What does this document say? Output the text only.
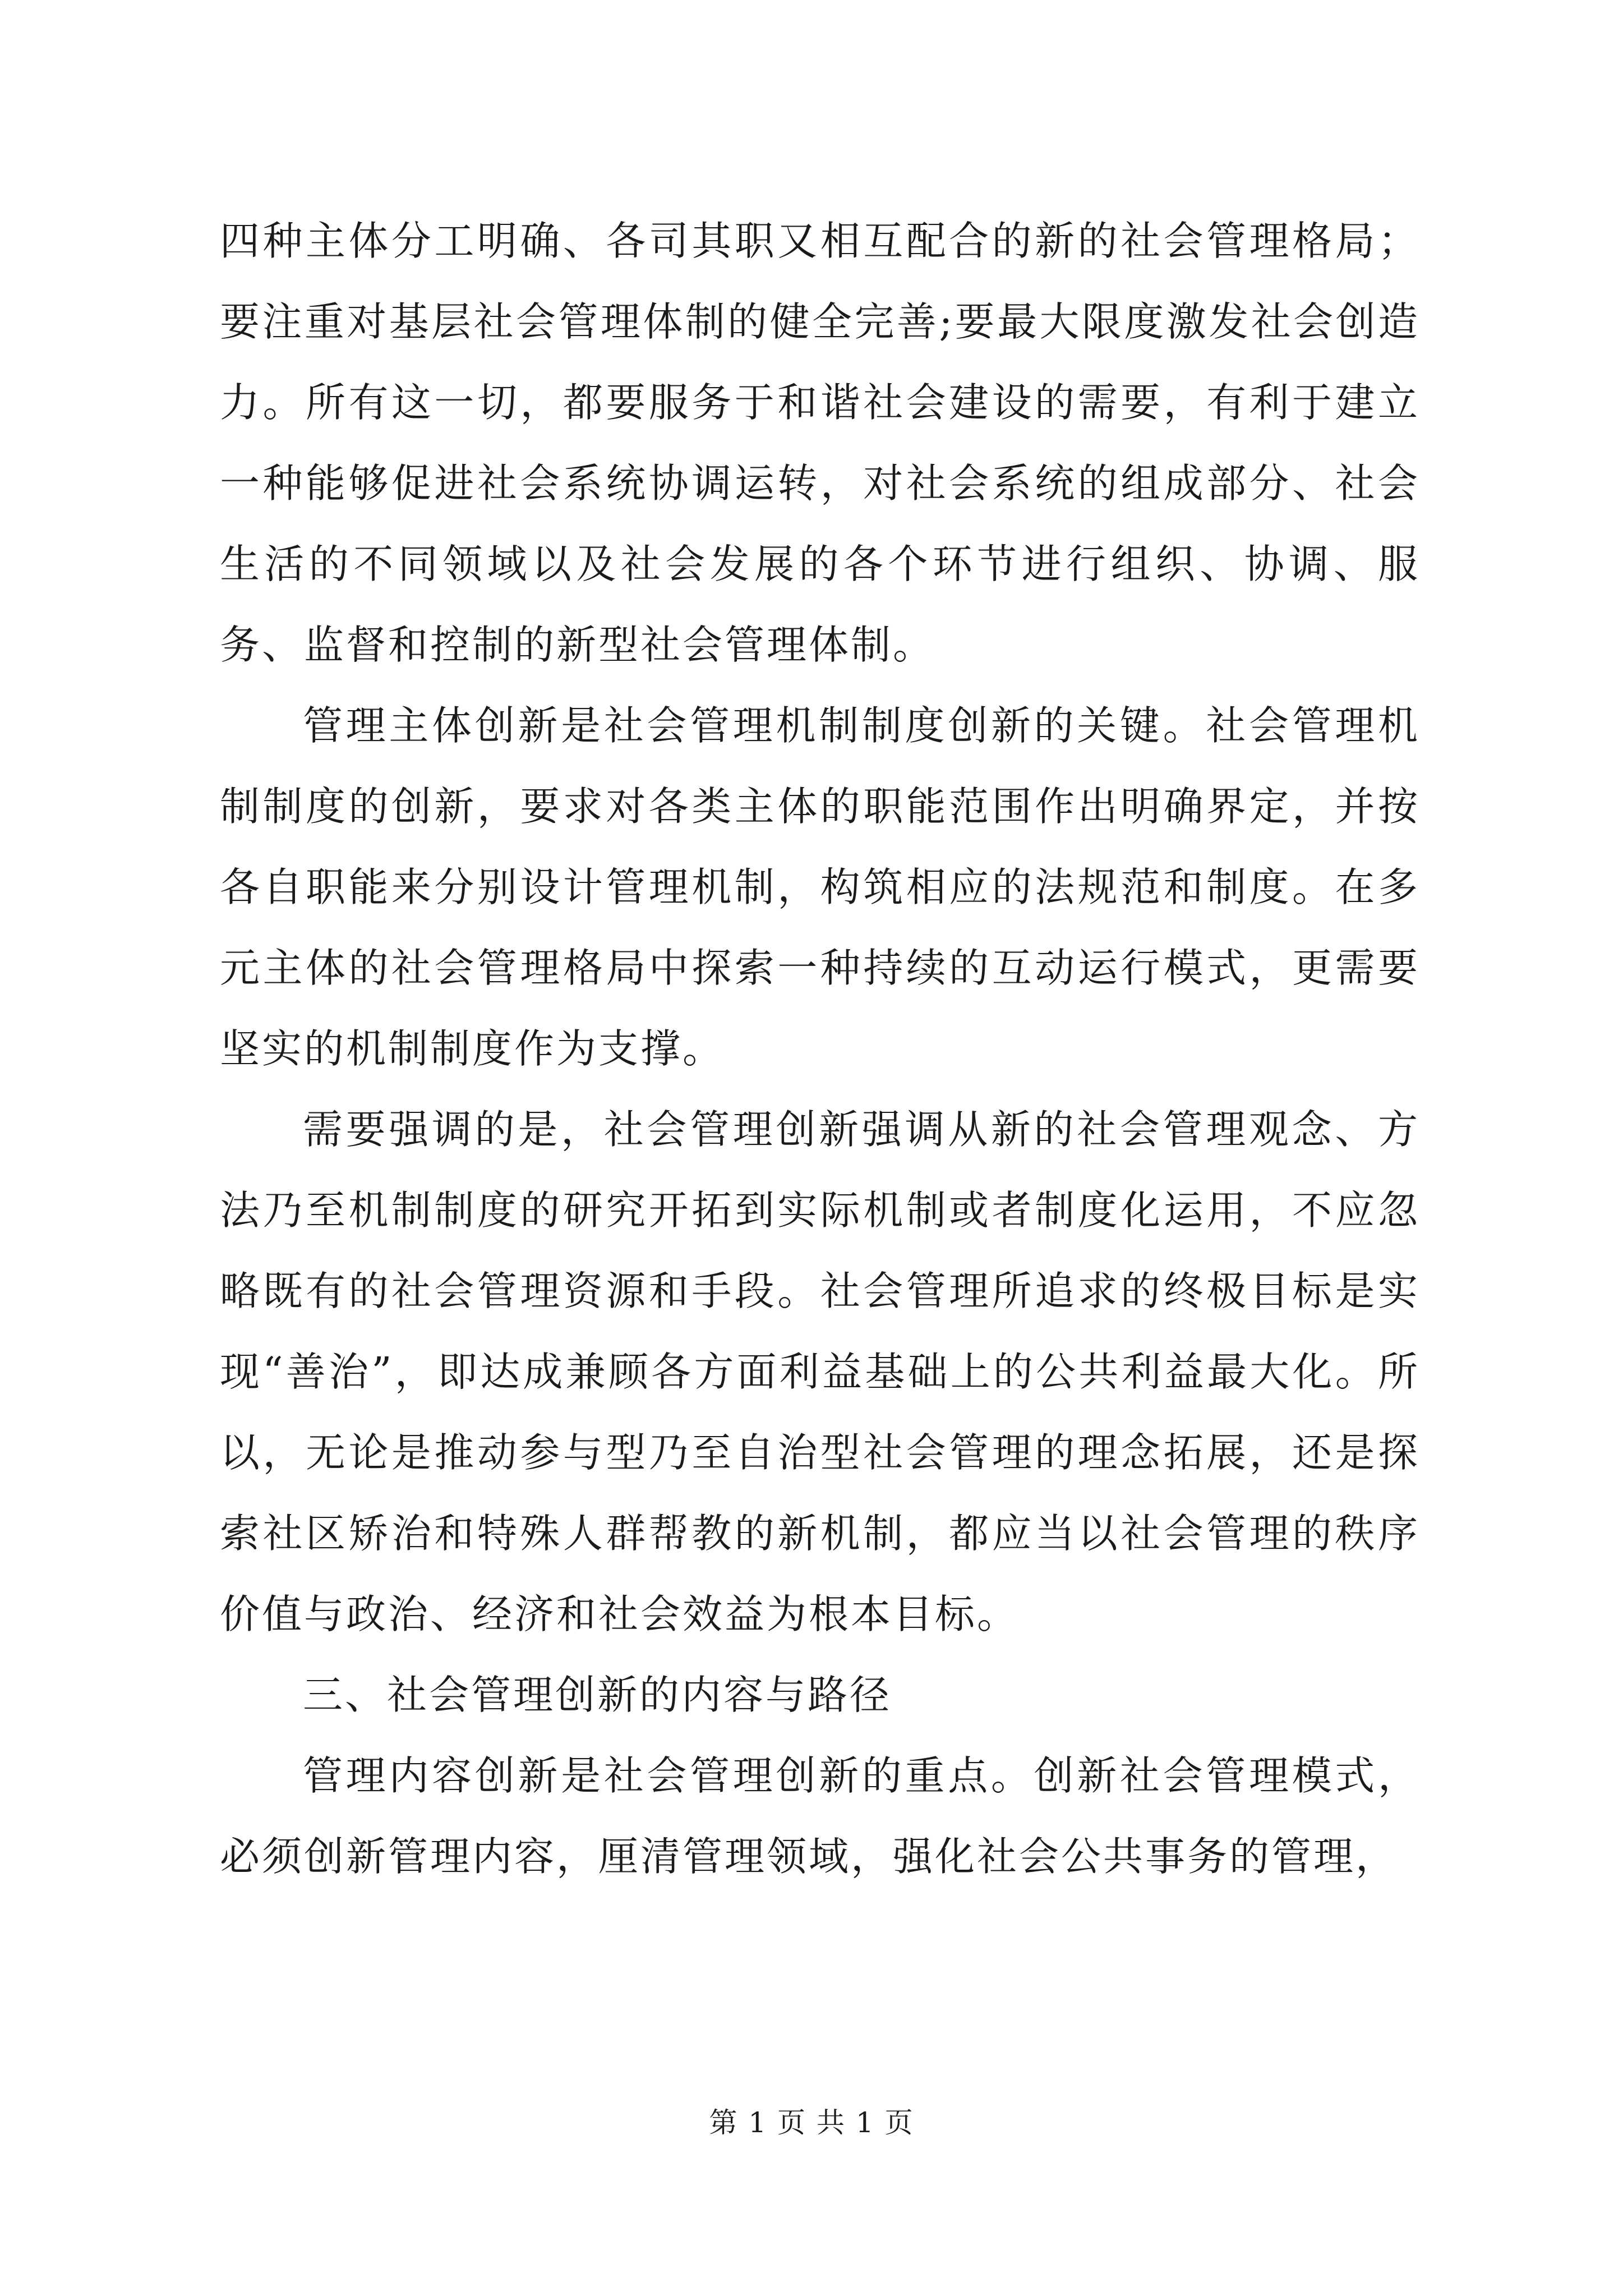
四种主体分工明确、各司其职又相互配合的新的社会管理格局；要注重对基层社会管理体制的健全完善;要最大限度激发社会创造力。所有这一切，都要服务于和谐社会建设的需要，有利于建立一种能够促进社会系统协调运转，对社会系统的组成部分、社会生活的不同领域以及社会发展的各个环节进行组织、协调、服务、监督和控制的新型社会管理体制。

管理主体创新是社会管理机制制度创新的关键。社会管理机制制度的创新，要求对各类主体的职能范围作出明确界定，并按各自职能来分别设计管理机制，构筑相应的法规范和制度。在多元主体的社会管理格局中探索一种持续的互动运行模式，更需要坚实的机制制度作为支撑。

需要强调的是，社会管理创新强调从新的社会管理观念、方法乃至机制制度的研究开拓到实际机制或者制度化运用，不应忽略既有的社会管理资源和手段。社会管理所追求的终极目标是实现“善治”，即达成兼顾各方面利益基础上的公共利益最大化。所以，无论是推动参与型乃至自治型社会管理的理念拓展，还是探索社区矫治和特殊人群帮教的新机制，都应当以社会管理的秩序价值与政治、经济和社会效益为根本目标。

三、社会管理创新的内容与路径

管理内容创新是社会管理创新的重点。创新社会管理模式，必须创新管理内容，厘清管理领域，强化社会公共事务的管理，

第 1 页 共 1 页
